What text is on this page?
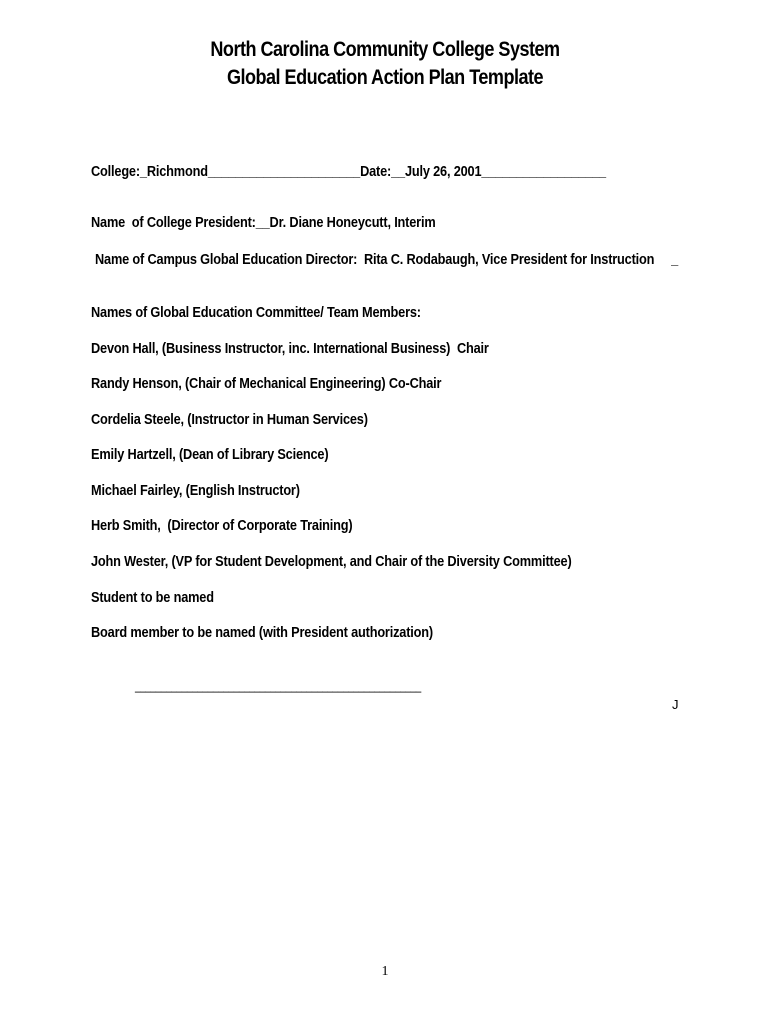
North Carolina Community College System
Global Education Action Plan Template
College:_Richmond______________________Date:__July 26, 2001__________________
Name  of College President:__Dr. Diane Honeycutt, Interim
Name of Campus Global Education Director:  Rita C. Rodabaugh, Vice President for Instruction     _
Names of Global Education Committee/ Team Members:
Devon Hall, (Business Instructor, inc. International Business)  Chair
Randy Henson, (Chair of Mechanical Engineering) Co-Chair
Cordelia Steele, (Instructor in Human Services)
Emily Hartzell, (Dean of Library Science)
Michael Fairley, (English Instructor)
Herb Smith,  (Director of Corporate Training)
John Wester, (VP for Student Development, and Chair of the Diversity Committee)
Student to be named
Board member to be named (with President authorization)
_______________________________________________________
J
1
